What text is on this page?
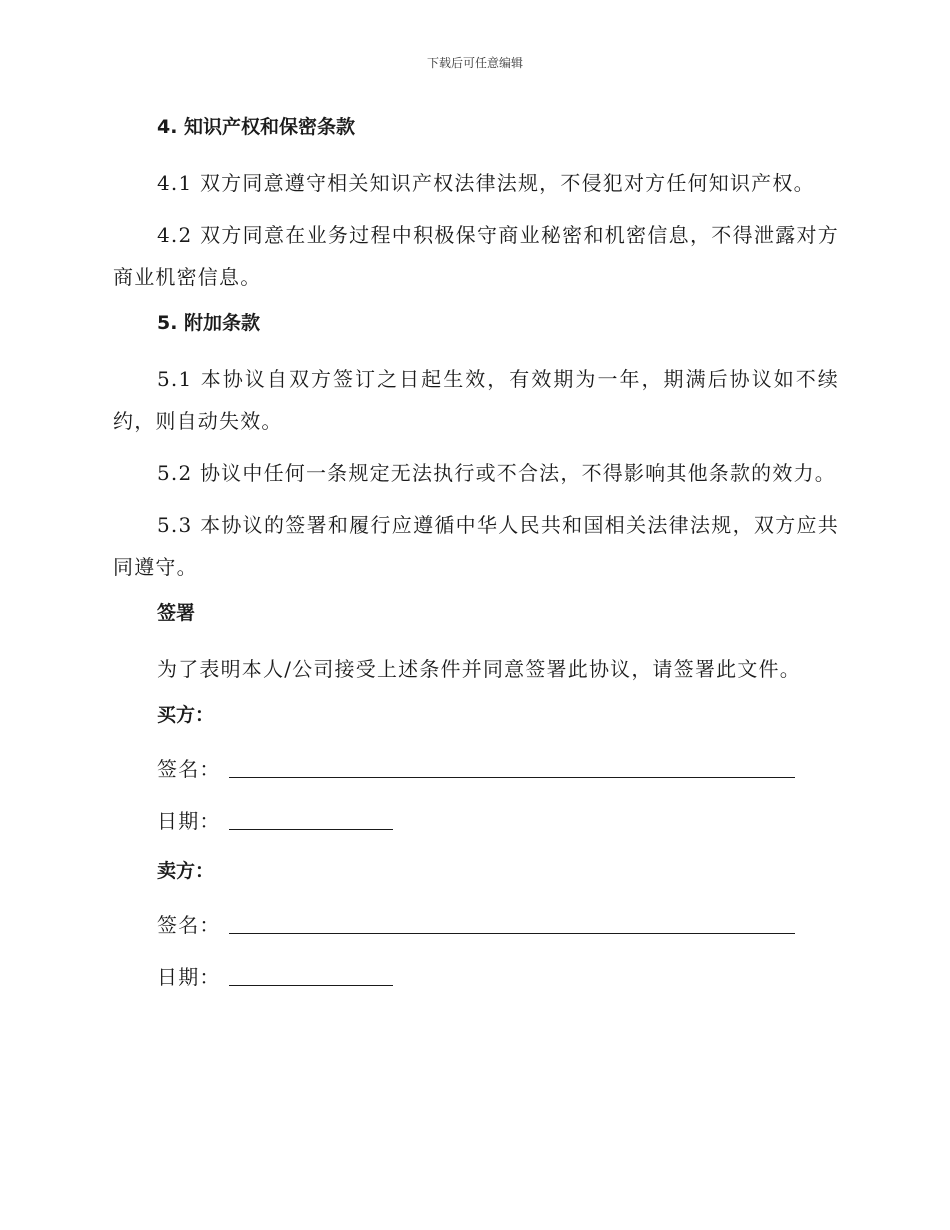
下载后可任意编辑
4. 知识产权和保密条款

4.1 双方同意遵守相关知识产权法律法规，不侵犯对方任何知识产权。

4.2 双方同意在业务过程中积极保守商业秘密和机密信息，不得泄露对方商业机密信息。

5. 附加条款

5.1 本协议自双方签订之日起生效，有效期为一年，期满后协议如不续约，则自动失效。

5.2 协议中任何一条规定无法执行或不合法，不得影响其他条款的效力。

5.3 本协议的签署和履行应遵循中华人民共和国相关法律法规，双方应共同遵守。

签署

为了表明本人/公司接受上述条件并同意签署此协议，请签署此文件。

买方：
签名：
日期：
卖方：
签名：
日期：
